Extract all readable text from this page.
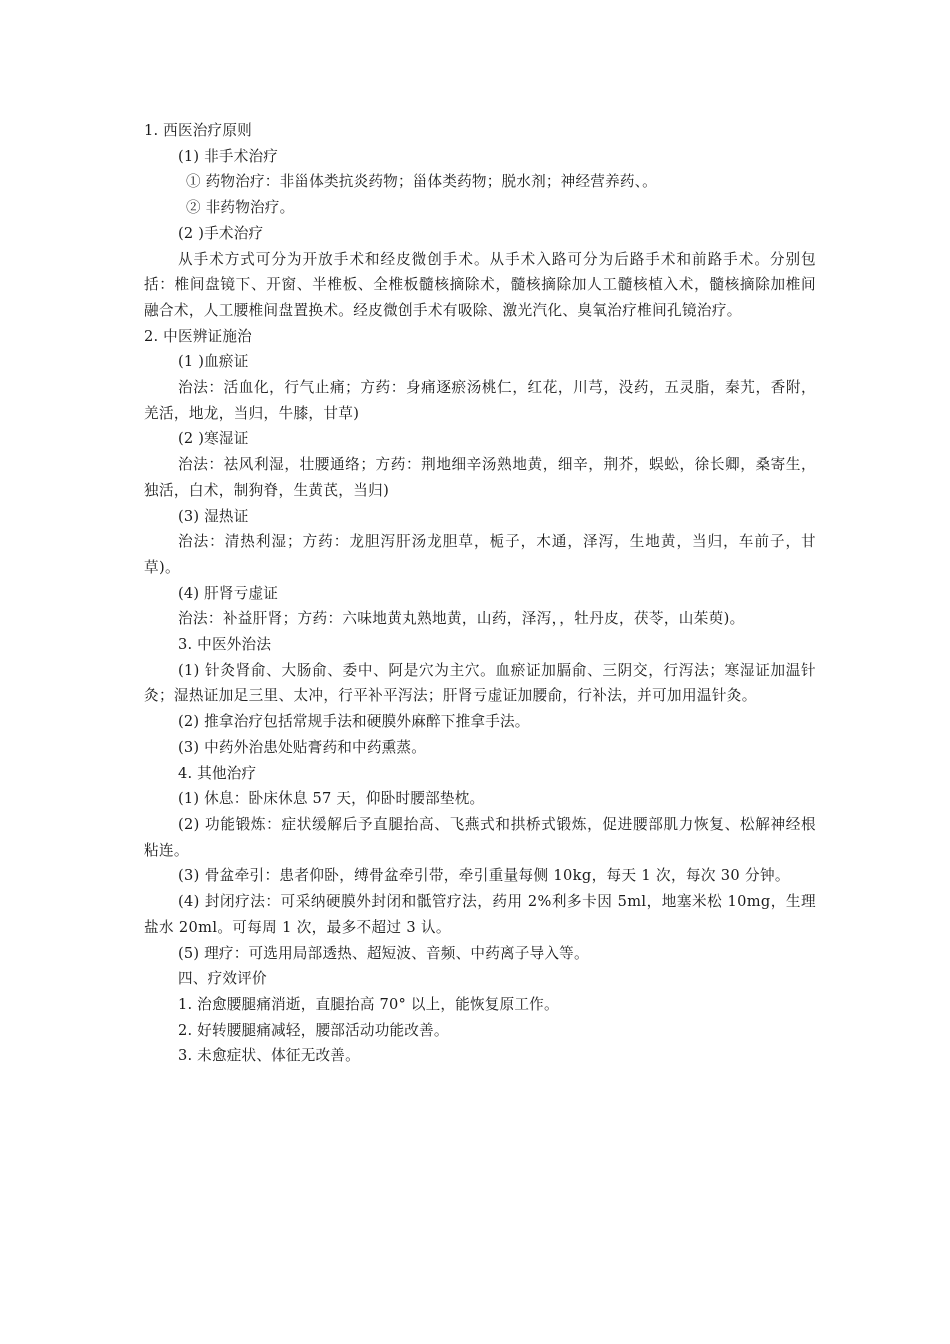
1. 西医治疗原则

(1) 非手术治疗

① 药物治疗：非甾体类抗炎药物；甾体类药物；脱水剂；神经营养药、。

② 非药物治疗。

(2 )手术治疗

从手术方式可分为开放手术和经皮微创手术。从手术入路可分为后路手术和前路手术。分别包括：椎间盘镜下、开窗、半椎板、全椎板髓核摘除术，髓核摘除加人工髓核植入术，髓核摘除加椎间融合术，人工腰椎间盘置换术。经皮微创手术有吸除、激光汽化、臭氧治疗椎间孔镜治疗。

2. 中医辨证施治

(1 )血瘀证

治法：活血化，行气止痛；方药：身痛逐瘀汤桃仁，红花，川芎，没药，五灵脂，秦艽，香附，羌活，地龙，当归，牛膝，甘草)

(2 )寒湿证

治法：祛风利湿，壮腰通络；方药：荆地细辛汤熟地黄，细辛，荆芥，蜈蚣，徐长卿，桑寄生，独活，白术，制狗脊，生黄芪，当归)

(3) 湿热证

治法：清热利湿；方药：龙胆泻肝汤龙胆草，栀子，木通，泽泻，生地黄，当归，车前子，甘草)。

(4) 肝肾亏虚证

治法：补益肝肾；方药：六味地黄丸熟地黄，山药，泽泻，，牡丹皮，茯苓，山茱萸)。

3. 中医外治法

(1) 针灸肾俞、大肠俞、委中、阿是穴为主穴。血瘀证加膈俞、三阴交，行泻法；寒湿证加温针灸；湿热证加足三里、太冲，行平补平泻法；肝肾亏虚证加腰俞，行补法，并可加用温针灸。

(2) 推拿治疗包括常规手法和硬膜外麻醉下推拿手法。

(3) 中药外治患处贴膏药和中药熏蒸。

4. 其他治疗

(1) 休息：卧床休息 57 天，仰卧时腰部垫枕。

(2) 功能锻炼：症状缓解后予直腿抬高、飞燕式和拱桥式锻炼，促进腰部肌力恢复、松解神经根粘连。

(3) 骨盆牵引：患者仰卧，缚骨盆牵引带，牵引重量每侧 10kg，每天 1 次，每次 30 分钟。

(4) 封闭疗法：可采纳硬膜外封闭和骶管疗法，药用 2%利多卡因 5ml，地塞米松 10mg，生理盐水 20ml。可每周 1 次，最多不超过 3 认。

(5) 理疗：可选用局部透热、超短波、音频、中药离子导入等。

四、疗效评价

1. 治愈腰腿痛消逝，直腿抬高 70° 以上，能恢复原工作。

2. 好转腰腿痛减轻，腰部活动功能改善。

3. 未愈症状、体征无改善。
